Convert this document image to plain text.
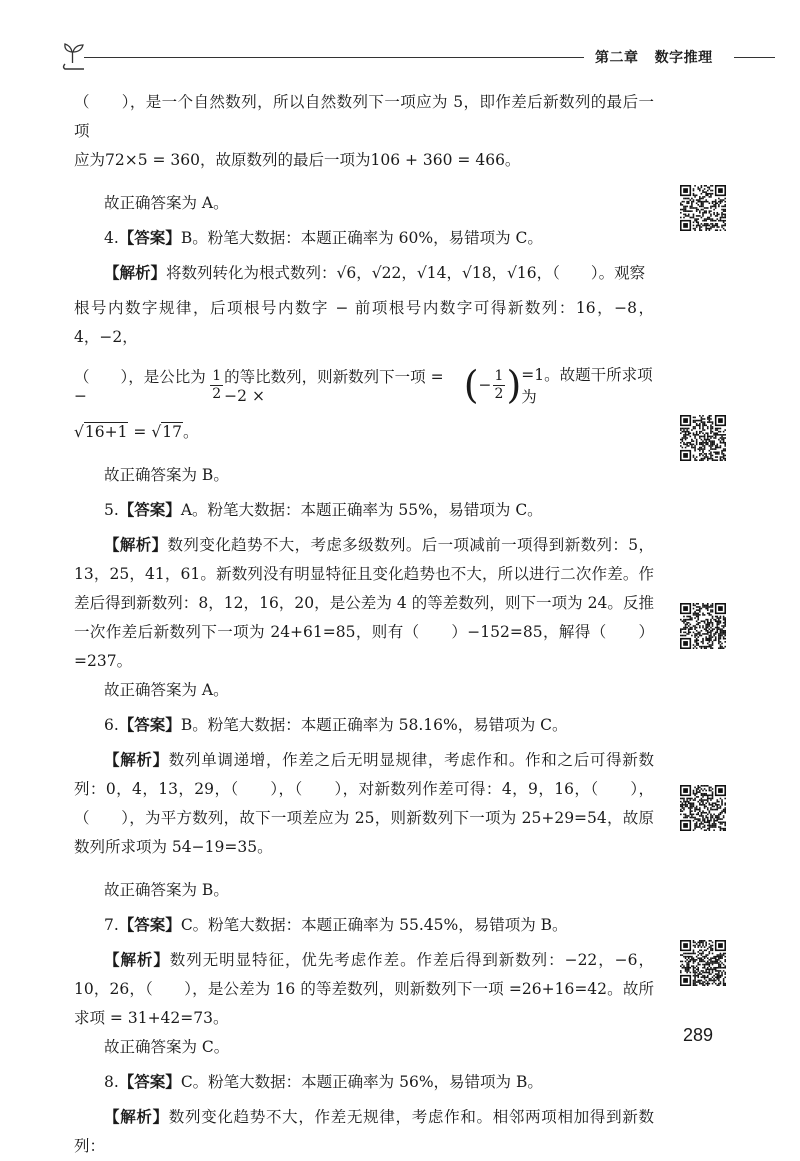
第二章 数字推理

（　　），是一个自然数列，所以自然数列下一项应为 5，即作差后新数列的最后一项

应为72×5 = 360，故原数列的最后一项为106 + 360 = 466。

故正确答案为 A。

4.【答案】B。粉笔大数据：本题正确率为 60%，易错项为 C。

【解析】将数列转化为根式数列：√6，√22，√14，√18，√16，（　　）。观察

根号内数字规律，后项根号内数字 − 前项根号内数字可得新数列：16，−8，4，−2，

（　　），是公比为 −	$\frac{1}{2}$ 的等比数列，则新数列下一项 = −2 ×	( − $\frac{1}{2}$ ) =1。故题干所求项为

√16+1 = √17。

故正确答案为 B。

5.【答案】A。粉笔大数据：本题正确率为 55%，易错项为 C。

【解析】数列变化趋势不大，考虑多级数列。后一项减前一项得到新数列：5，13，25，41，61。新数列没有明显特征且变化趋势也不大，所以进行二次作差。作差后得到新数列：8，12，16，20，是公差为 4 的等差数列，则下一项为 24。反推一次作差后新数列下一项为 24+61=85，则有（　　）−152=85，解得（　　）=237。

故正确答案为 A。

6.【答案】B。粉笔大数据：本题正确率为 58.16%，易错项为 C。

【解析】数列单调递增，作差之后无明显规律，考虑作和。作和之后可得新数列：0，4，13，29，（　　），（　　），对新数列作差可得：4，9，16，（　　），（　　），为平方数列，故下一项差应为 25，则新数列下一项为 25+29=54，故原数列所求项为 54−19=35。

故正确答案为 B。

7.【答案】C。粉笔大数据：本题正确率为 55.45%，易错项为 B。

【解析】数列无明显特征，优先考虑作差。作差后得到新数列：−22，−6，10，26，（　　），是公差为 16 的等差数列，则新数列下一项 =26+16=42。故所求项 = 31+42=73。

故正确答案为 C。

8.【答案】C。粉笔大数据：本题正确率为 56%，易错项为 B。

【解析】数列变化趋势不大，作差无规律，考虑作和。相邻两项相加得到新数列：

289
